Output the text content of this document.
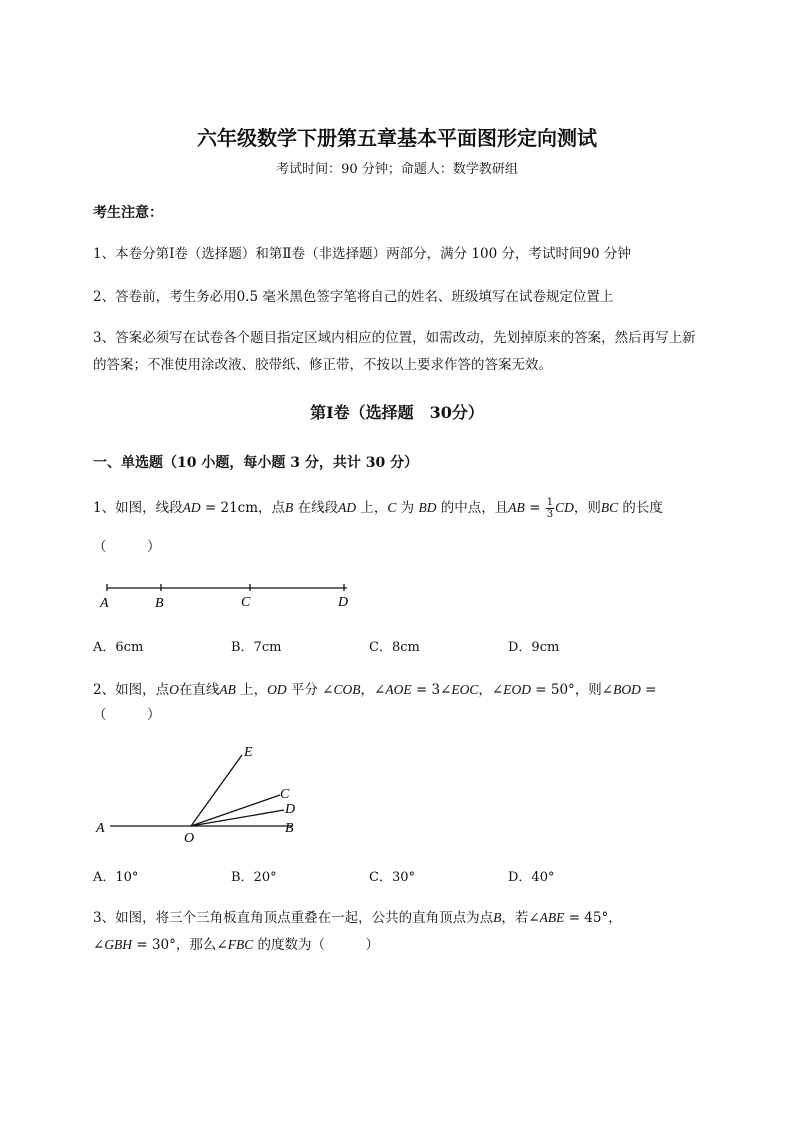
六年级数学下册第五章基本平面图形定向测试
考试时间：90 分钟；命题人：数学教研组
考生注意：
1、本卷分第Ⅰ卷（选择题）和第Ⅱ卷（非选择题）两部分，满分 100 分，考试时间90 分钟
2、答卷前，考生务必用0.5 毫米黑色签字笔将自己的姓名、班级填写在试卷规定位置上
3、答案必须写在试卷各个题目指定区域内相应的位置，如需改动，先划掉原来的答案，然后再写上新
的答案；不准使用涂改液、胶带纸、修正带，不按以上要求作答的答案无效。
第Ⅰ卷（选择题　30分）
一、单选题（10 小题，每小题 3 分，共计 30 分）
1、如图，线段AD = 21cm，点B 在线段AD 上，C 为 BD 的中点，且AB = $\frac{1}{3}$ CD，则BC 的长度
（　　　）
A	B	C	D
A．6cm	B．7cm	C．8cm	D．9cm
2、如图，点O在直线AB 上，OD 平分 ∠COB，∠AOE = 3∠EOC，∠EOD = 50°，则∠BOD =
（　　　）
A
O
B
C
D
E
A．10°	B．20°	C．30°	D．40°
3、如图，将三个三角板直角顶点重叠在一起，公共的直角顶点为点B，若∠ABE = 45°，
∠GBH = 30°，那么∠FBC 的度数为（　　　）
